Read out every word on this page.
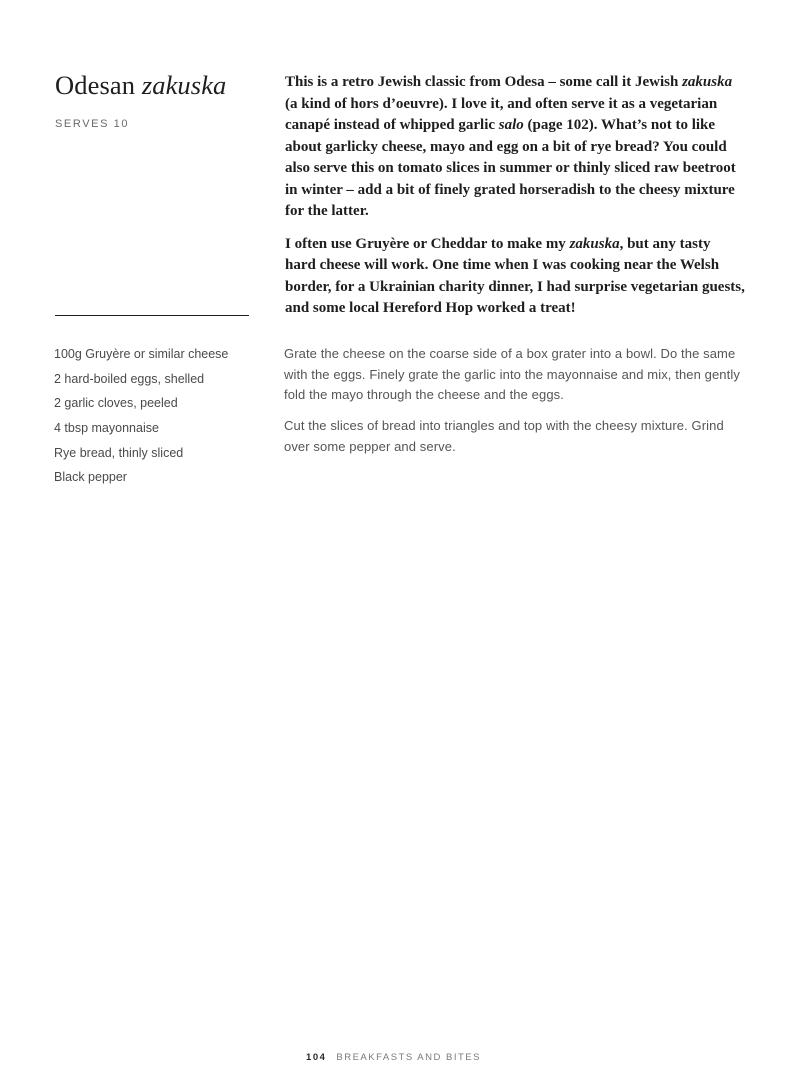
Odesan zakuska
SERVES 10
100g Gruyère or similar cheese
2 hard-boiled eggs, shelled
2 garlic cloves, peeled
4 tbsp mayonnaise
Rye bread, thinly sliced
Black pepper

This is a retro Jewish classic from Odesa – some call it Jewish zakuska (a kind of hors d’oeuvre). I love it, and often serve it as a vegetarian canapé instead of whipped garlic salo (page 102). What’s not to like about garlicky cheese, mayo and egg on a bit of rye bread? You could also serve this on tomato slices in summer or thinly sliced raw beetroot in winter – add a bit of finely grated horseradish to the cheesy mixture for the latter.

I often use Gruyère or Cheddar to make my zakuska, but any tasty hard cheese will work. One time when I was cooking near the Welsh border, for a Ukrainian charity dinner, I had surprise vegetarian guests, and some local Hereford Hop worked a treat!

Grate the cheese on the coarse side of a box grater into a bowl. Do the same with the eggs. Finely grate the garlic into the mayonnaise and mix, then gently fold the mayo through the cheese and the eggs.

Cut the slices of bread into triangles and top with the cheesy mixture. Grind over some pepper and serve.

104 BREAKFASTS AND BITES
